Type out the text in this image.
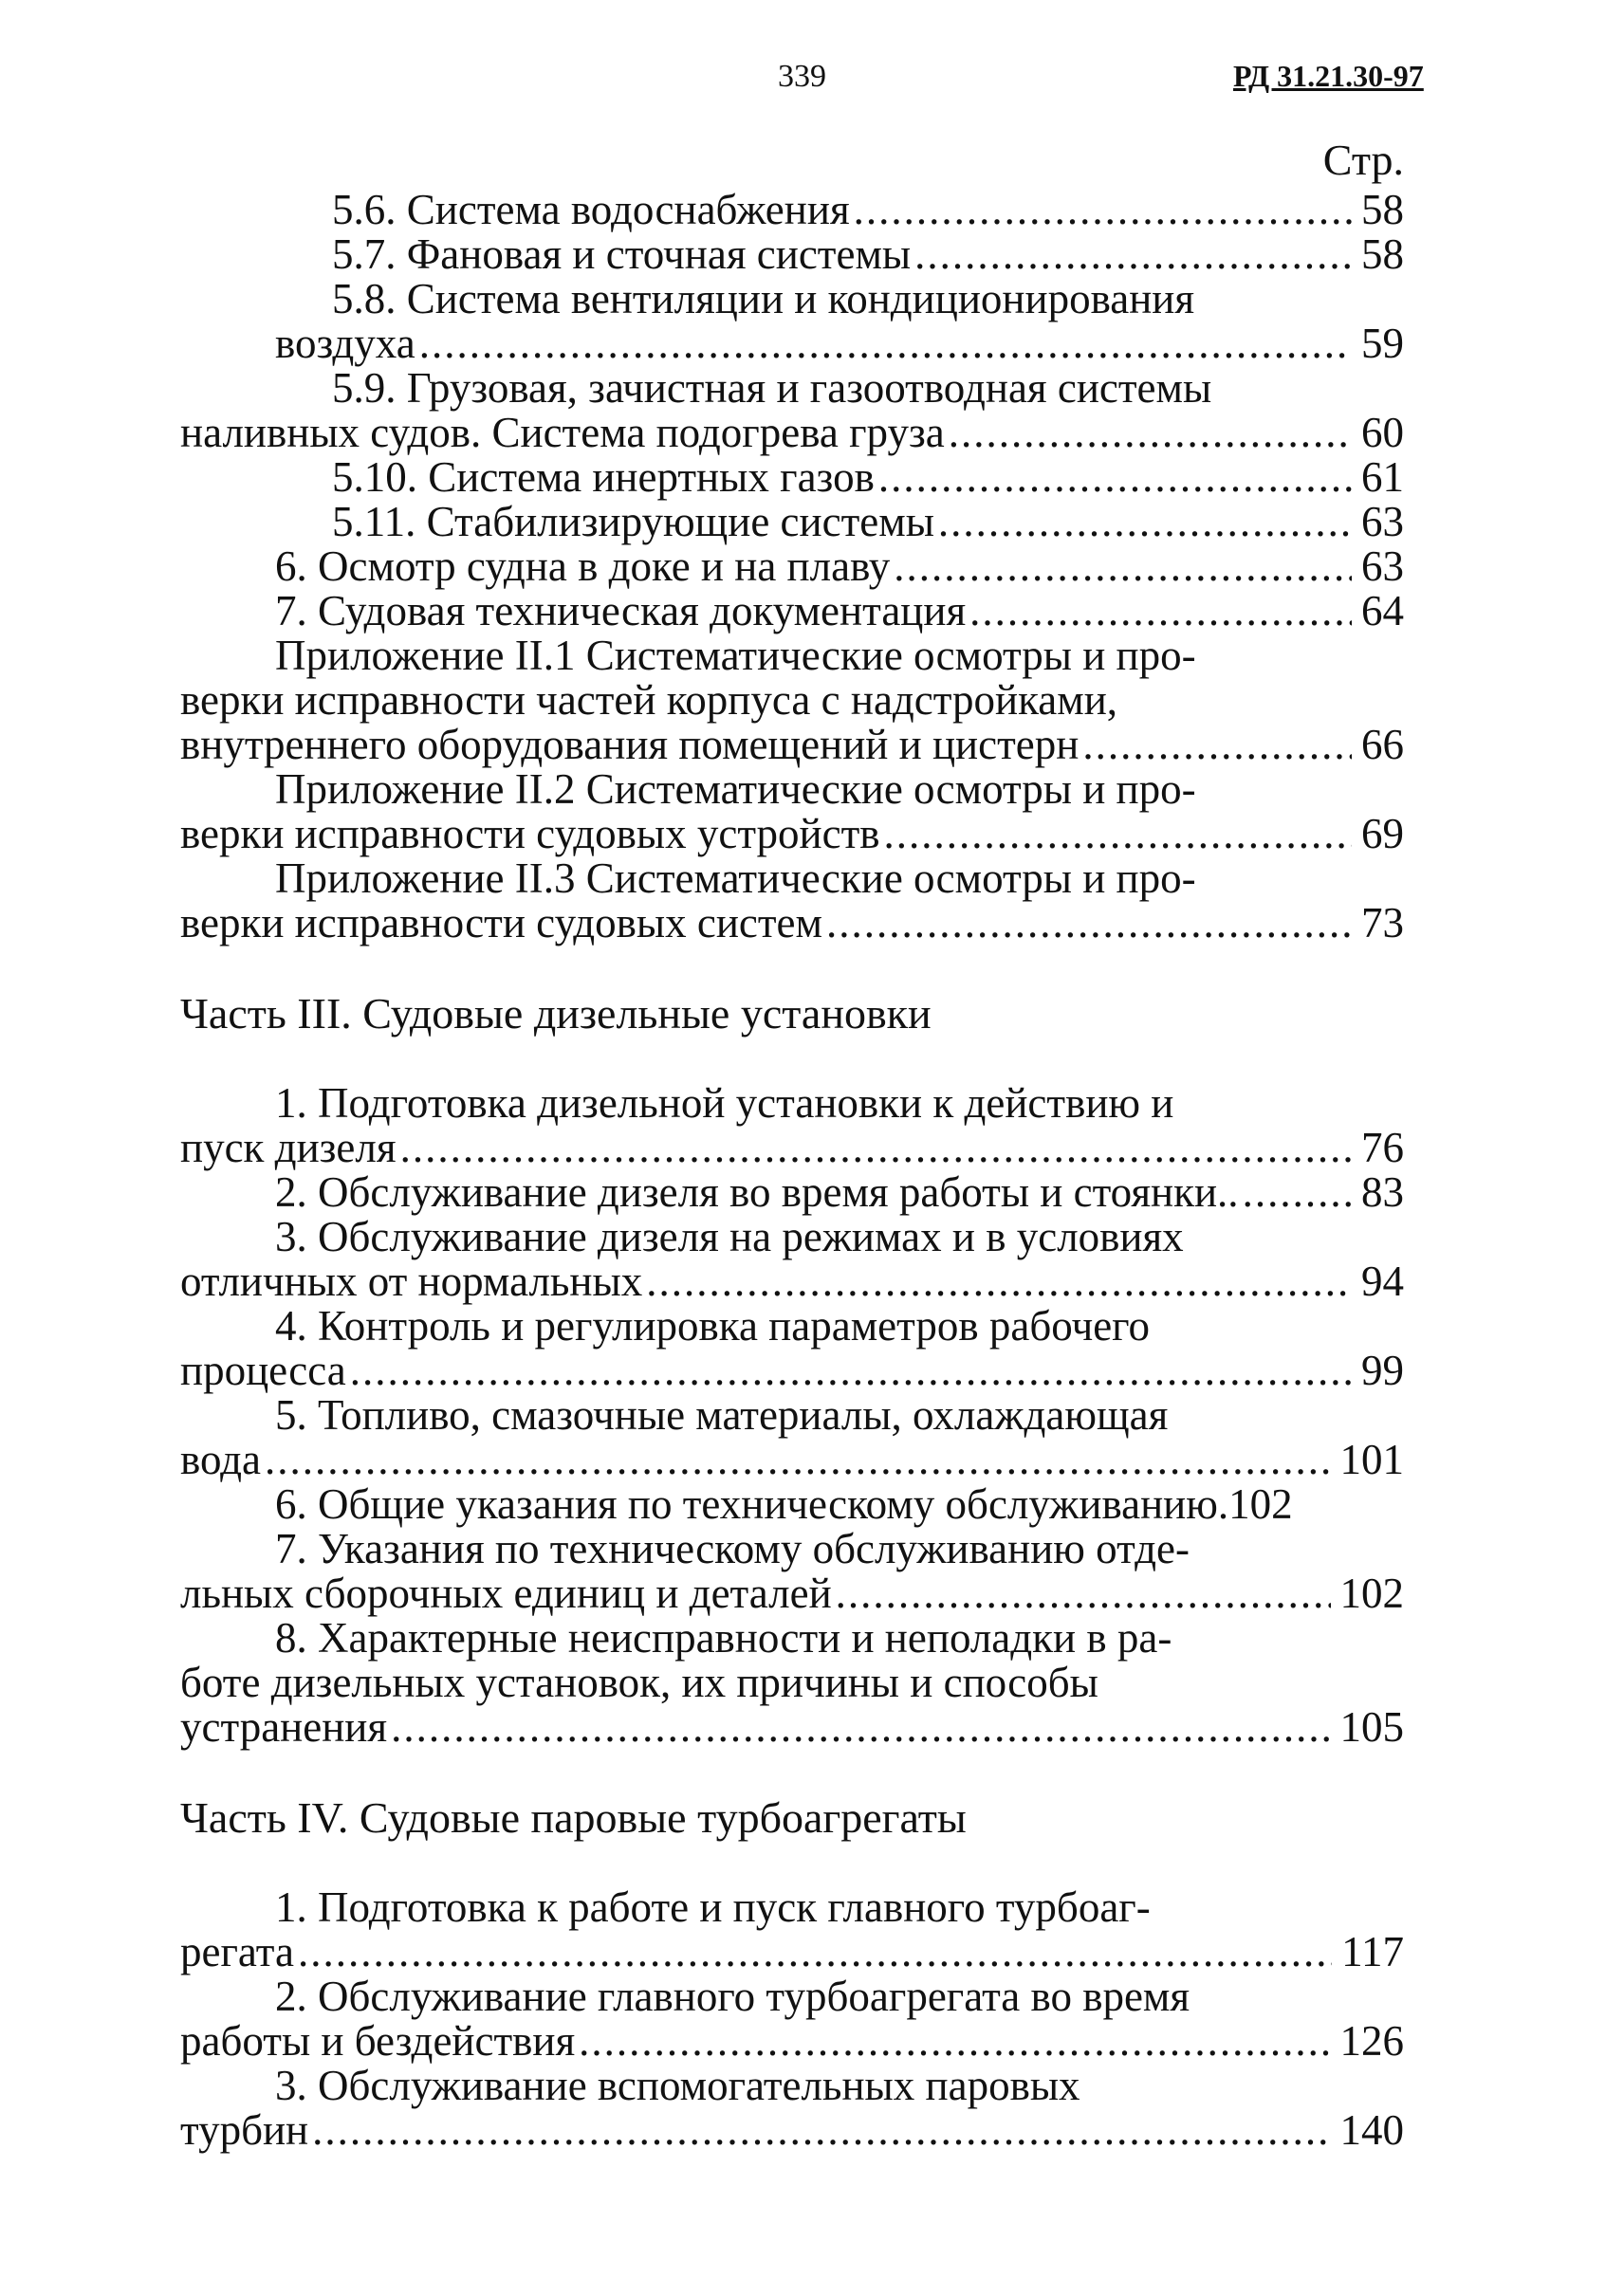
339	РД 31.21.30-97
Стр.
5.6. Система водоснабжения .....	58
5.7. Фановая и сточная системы .....	58
5.8. Система вентиляции и кондиционирования
воздуха .....	59
5.9. Грузовая, зачистная и газоотводная системы
наливных судов. Система подогрева груза .....	60
5.10. Система инертных газов .....	61
5.11. Стабилизирующие системы .....	63
6. Осмотр судна в доке и на плаву .....	63
7. Судовая техническая документация .....	64
Приложение II.1 Систематические осмотры и про-
верки исправности частей корпуса с надстройками,
внутреннего оборудования помещений и цистерн .....	66
Приложение II.2 Систематические осмотры и про-
верки исправности судовых устройств .....	69
Приложение II.3 Систематические осмотры и про-
верки исправности судовых систем .....	73
Часть III. Судовые дизельные установки
1. Подготовка дизельной установки к действию и
пуск дизеля .....	76
2. Обслуживание дизеля во время работы и стоянки.. .....	83
3. Обслуживание дизеля на режимах и в условиях
отличных от нормальных .....	94
4. Контроль и регулировка параметров рабочего
процесса .....	99
5. Топливо, смазочные материалы, охлаждающая
вода .....	101
6. Общие указания по техническому обслуживанию.102
7. Указания по техническому обслуживанию отде-
льных сборочных единиц и деталей .....	102
8. Характерные неисправности и неполадки в ра-
боте дизельных установок, их причины и способы
устранения .....	105
Часть IV. Судовые паровые турбоагрегаты
1. Подготовка к работе и пуск главного турбоаг-
регата .....	117
2. Обслуживание главного турбоагрегата во время
работы и бездействия .....	126
3. Обслуживание вспомогательных паровых
турбин .....	140
